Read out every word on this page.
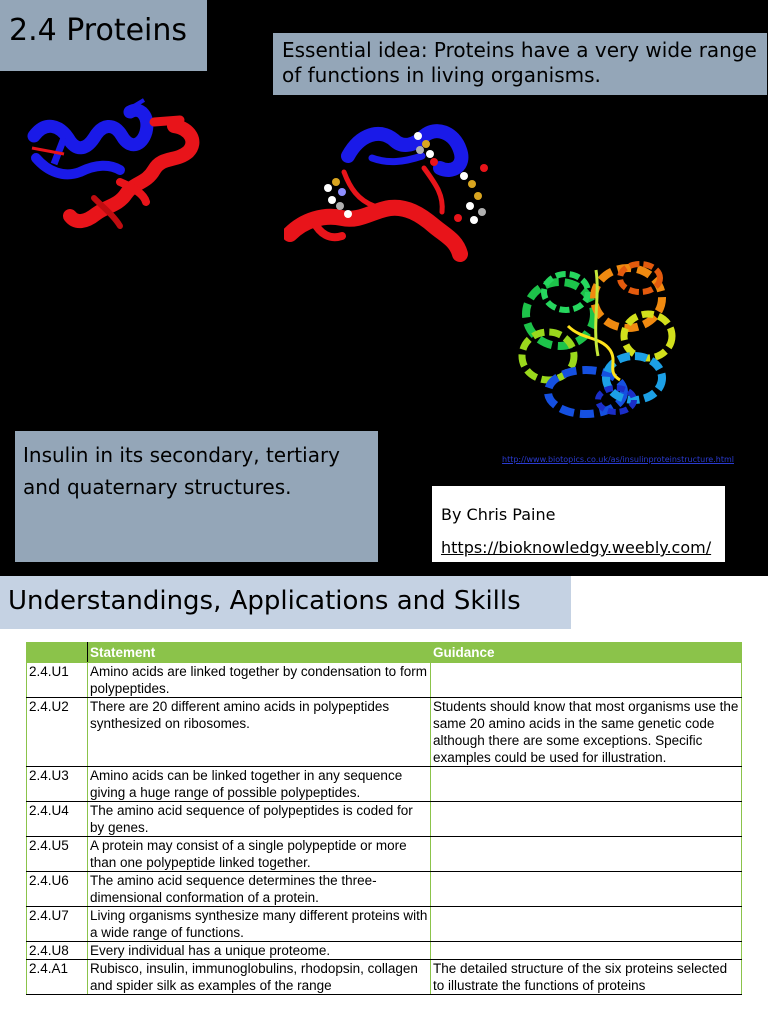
2.4 Proteins
Essential idea: Proteins have a very wide range of functions in living organisms.
http://www.biotopics.co.uk/as/insulinproteinstructure.html
Insulin in its secondary, tertiary and quaternary structures.
By Chris Paine
https://bioknowledgy.weebly.com/
Understandings, Applications and Skills
	Statement	Guidance
2.4.U1	Amino acids are linked together by condensation to form polypeptides.	
2.4.U2	There are 20 different amino acids in polypeptides synthesized on ribosomes.	Students should know that most organisms use the same 20 amino acids in the same genetic code although there are some exceptions. Specific examples could be used for illustration.
2.4.U3	Amino acids can be linked together in any sequence giving a huge range of possible polypeptides.	
2.4.U4	The amino acid sequence of polypeptides is coded for by genes.	
2.4.U5	A protein may consist of a single polypeptide or more than one polypeptide linked together.	
2.4.U6	The amino acid sequence determines the three-dimensional conformation of a protein.	
2.4.U7	Living organisms synthesize many different proteins with a wide range of functions.	
2.4.U8	Every individual has a unique proteome.	
2.4.A1	Rubisco, insulin, immunoglobulins, rhodopsin, collagen and spider silk as examples of the range	The detailed structure of the six proteins selected to illustrate the functions of proteins
